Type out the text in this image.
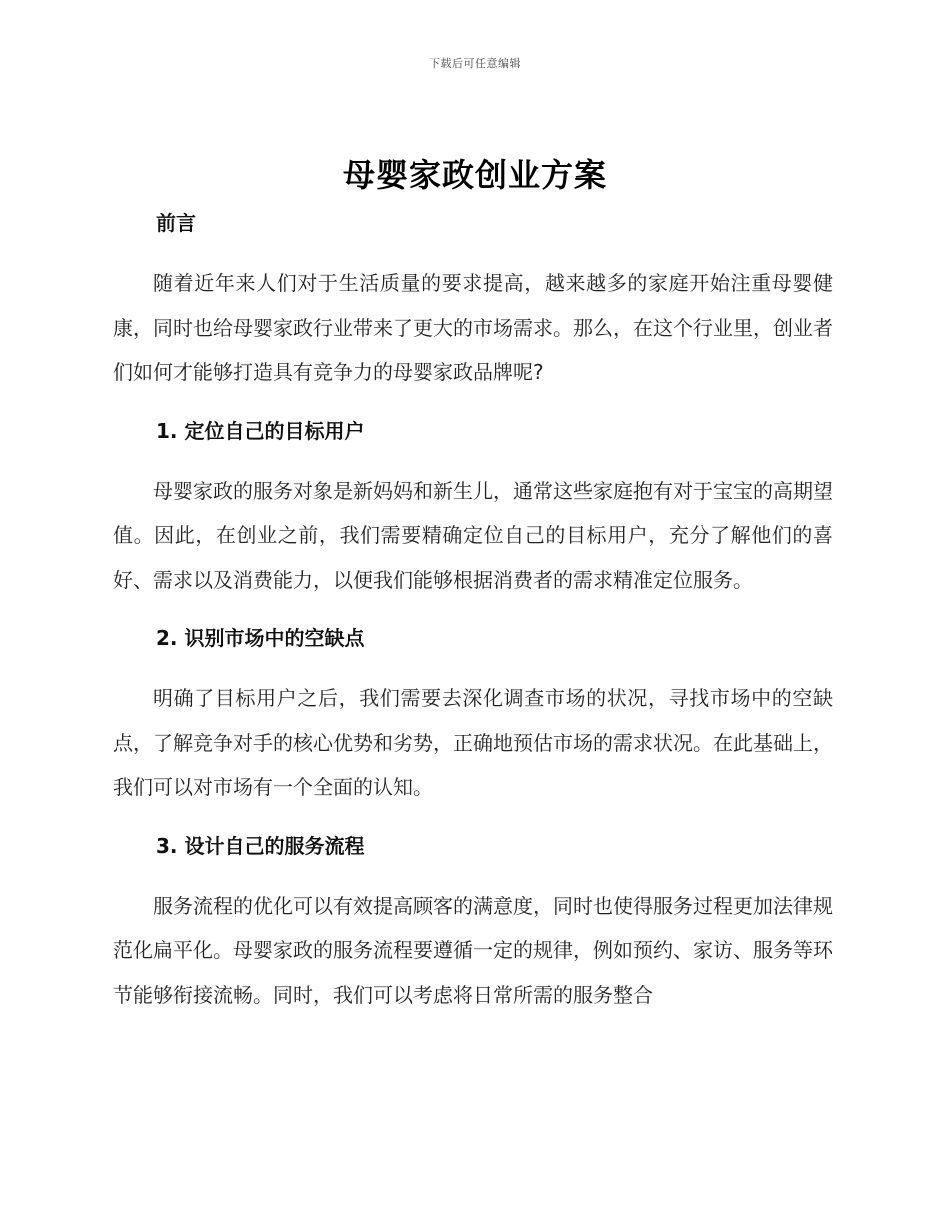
下载后可任意编辑
母婴家政创业方案
前言

随着近年来人们对于生活质量的要求提高，越来越多的家庭开始注重母婴健康，同时也给母婴家政行业带来了更大的市场需求。那么，在这个行业里，创业者们如何才能够打造具有竞争力的母婴家政品牌呢?

1. 定位自己的目标用户

母婴家政的服务对象是新妈妈和新生儿，通常这些家庭抱有对于宝宝的高期望值。因此，在创业之前，我们需要精确定位自己的目标用户，充分了解他们的喜好、需求以及消费能力，以便我们能够根据消费者的需求精准定位服务。

2. 识别市场中的空缺点

明确了目标用户之后，我们需要去深化调查市场的状况，寻找市场中的空缺点，了解竞争对手的核心优势和劣势，正确地预估市场的需求状况。在此基础上，我们可以对市场有一个全面的认知。

3. 设计自己的服务流程

服务流程的优化可以有效提高顾客的满意度，同时也使得服务过程更加法律规范化扁平化。母婴家政的服务流程要遵循一定的规律，例如预约、家访、服务等环节能够衔接流畅。同时，我们可以考虑将日常所需的服务整合
